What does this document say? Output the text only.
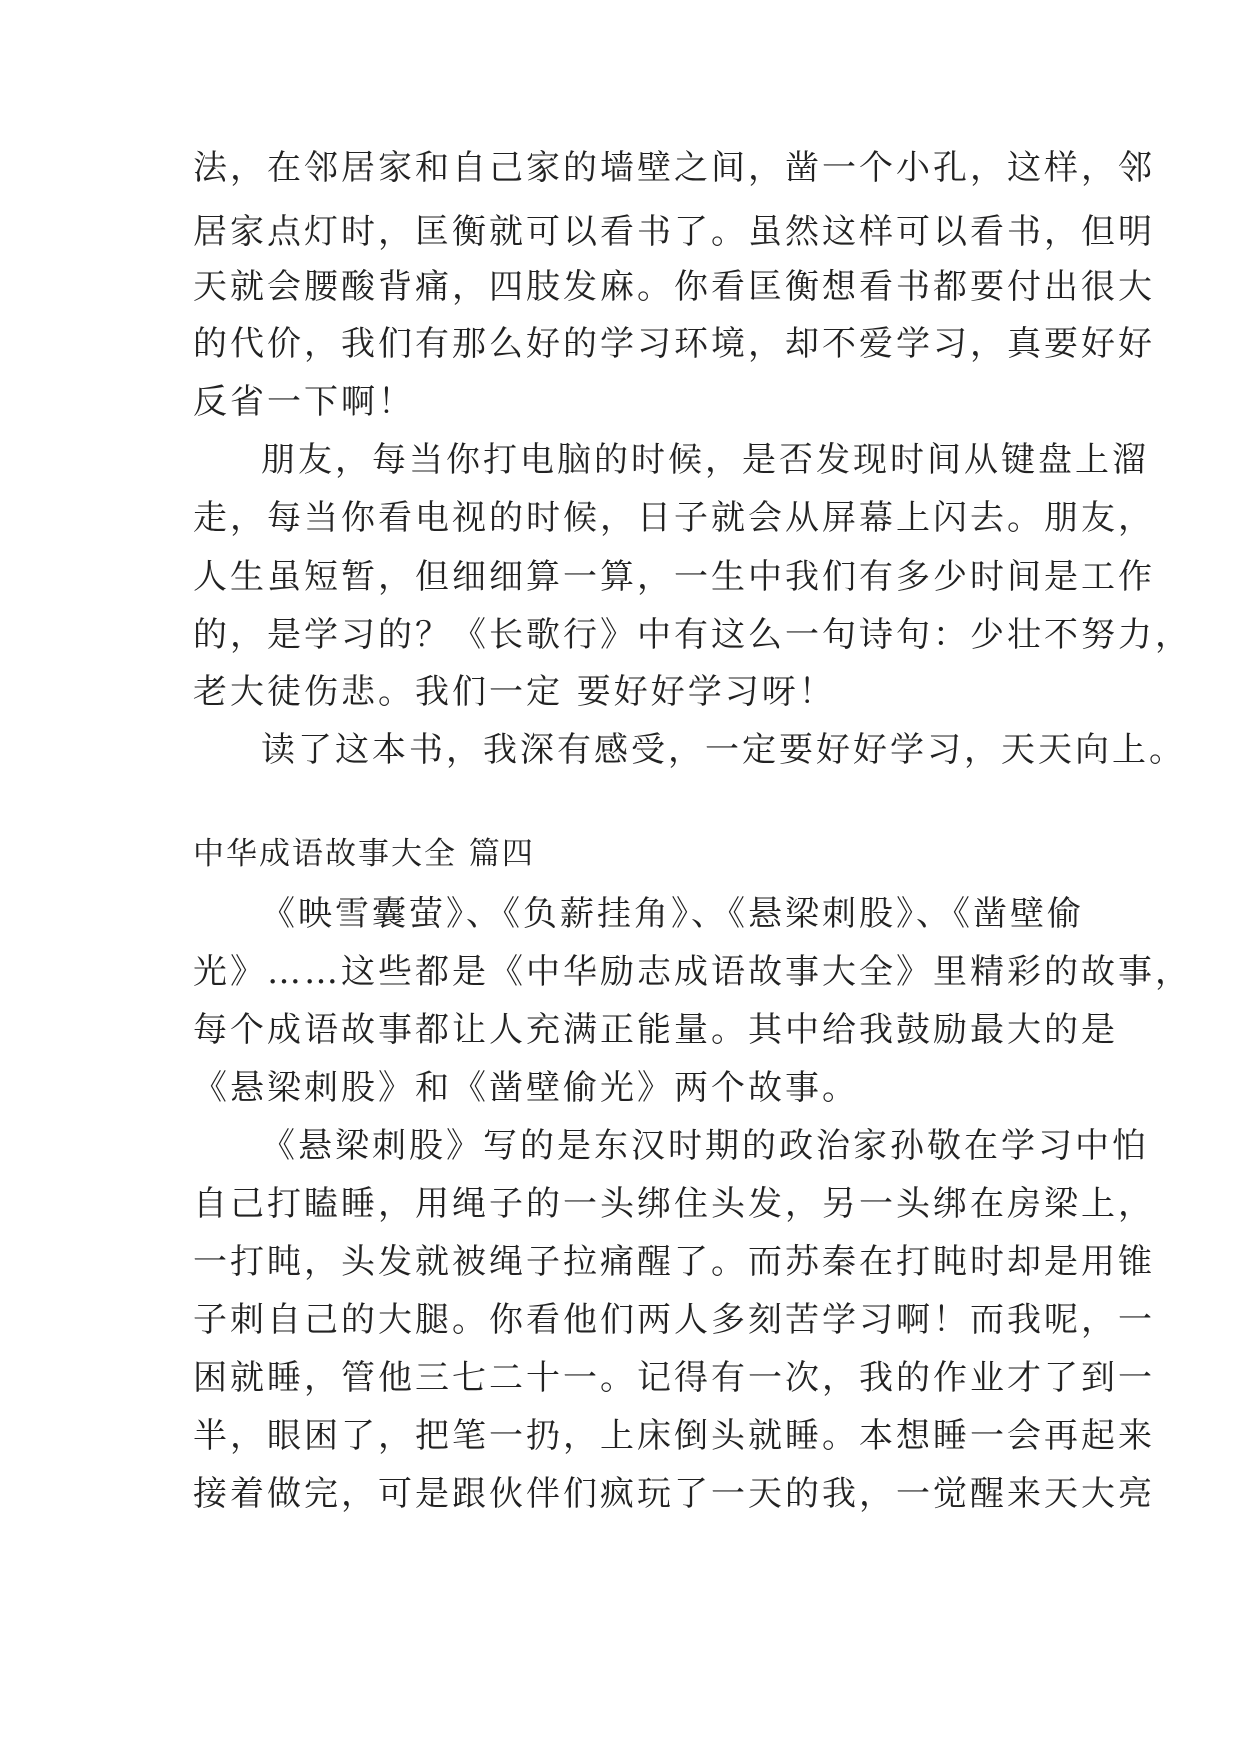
法，在邻居家和自己家的墙壁之间，凿一个小孔，这样，邻
居家点灯时，匡衡就可以看书了。虽然这样可以看书，但明
天就会腰酸背痛，四肢发麻。你看匡衡想看书都要付出很大
的代价，我们有那么好的学习环境，却不爱学习，真要好好
反省一下啊！
朋友，每当你打电脑的时候，是否发现时间从键盘上溜
走，每当你看电视的时候，日子就会从屏幕上闪去。朋友，
人生虽短暂，但细细算一算，一生中我们有多少时间是工作
的，是学习的？《长歌行》中有这么一句诗句：少壮不努力，
老大徒伤悲。我们一定 要好好学习呀！
读了这本书，我深有感受，一定要好好学习，天天向上。
中华成语故事大全 篇四
《映雪囊萤》、《负薪挂角》、《悬梁刺股》、《凿壁偷
光》……这些都是《中华励志成语故事大全》里精彩的故事，
每个成语故事都让人充满正能量。其中给我鼓励最大的是
《悬梁刺股》和《凿壁偷光》两个故事。
《悬梁刺股》写的是东汉时期的政治家孙敬在学习中怕
自己打瞌睡，用绳子的一头绑住头发，另一头绑在房梁上，
一打盹，头发就被绳子拉痛醒了。而苏秦在打盹时却是用锥
子刺自己的大腿。你看他们两人多刻苦学习啊！而我呢，一
困就睡，管他三七二十一。记得有一次，我的作业才了到一
半，眼困了，把笔一扔，上床倒头就睡。本想睡一会再起来
接着做完，可是跟伙伴们疯玩了一天的我，一觉醒来天大亮
